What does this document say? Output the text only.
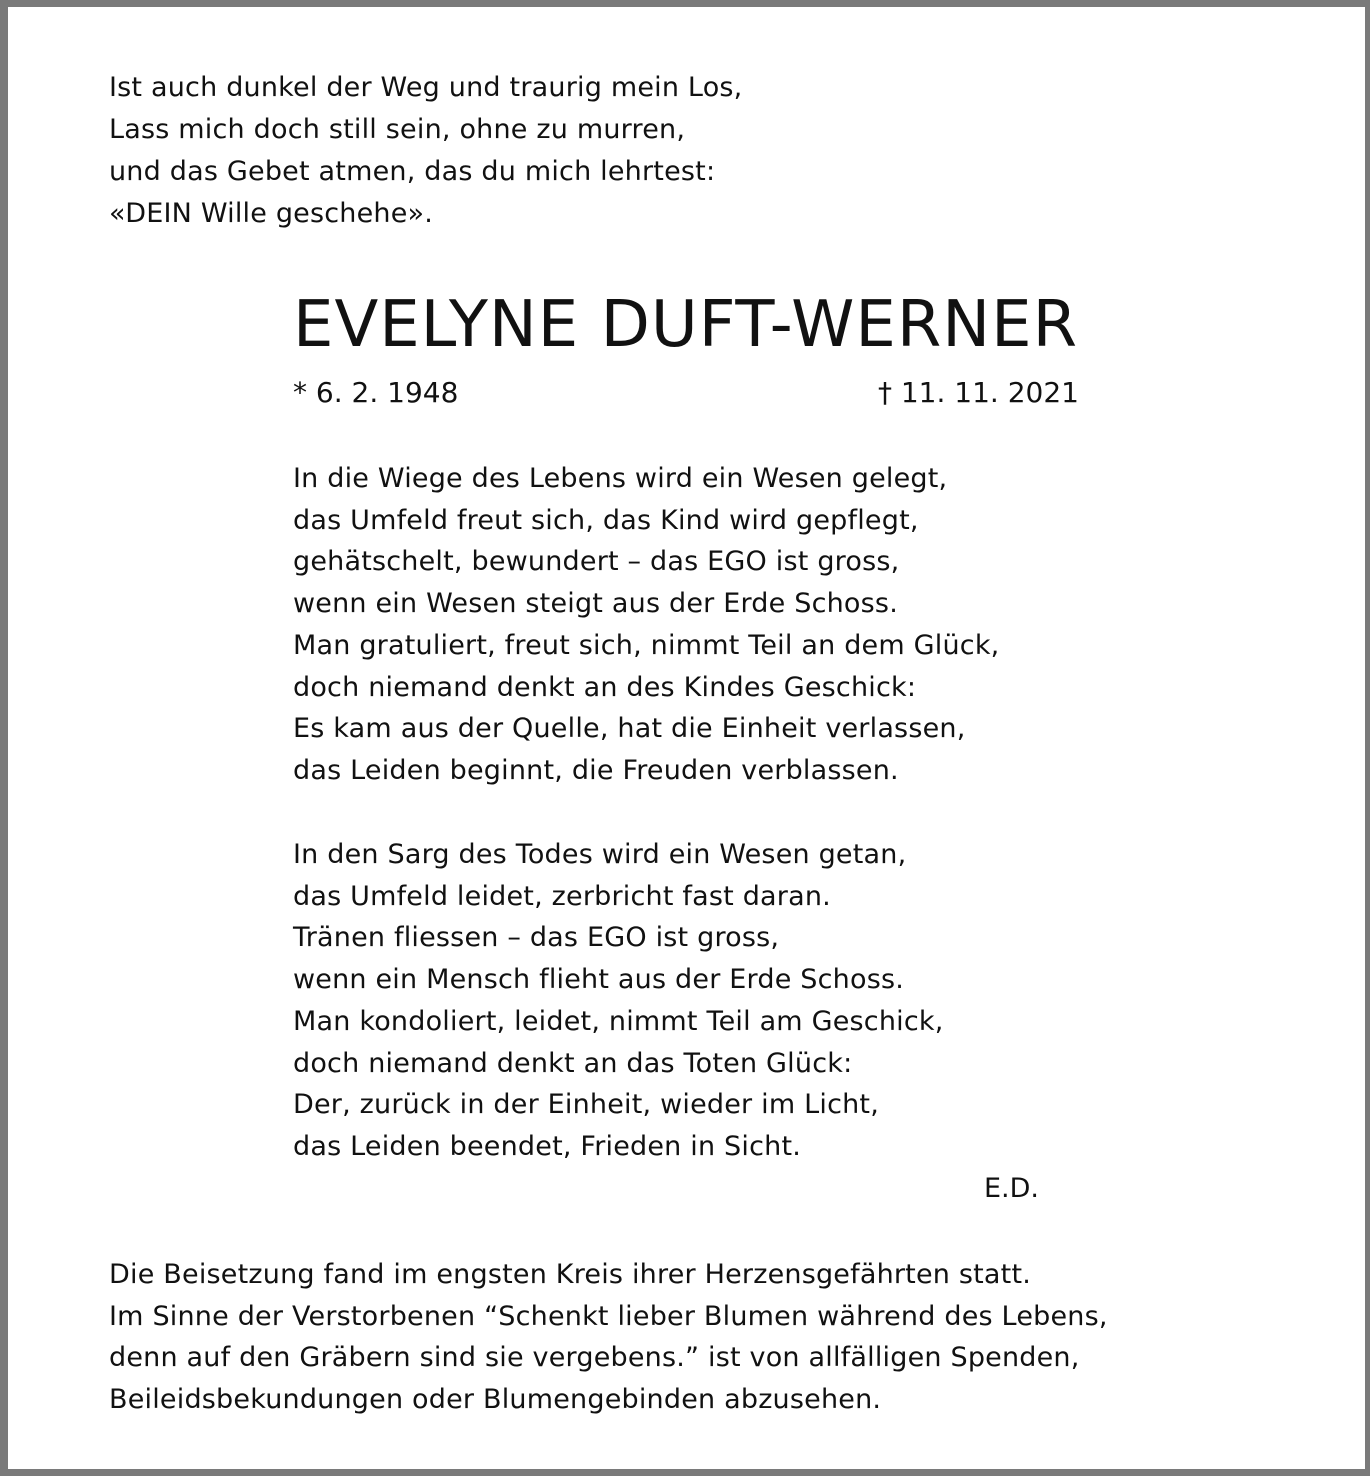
Ist auch dunkel der Weg und traurig mein Los,
Lass mich doch still sein, ohne zu murren,
und das Gebet atmen, das du mich lehrtest:
«DEIN Wille geschehe».
EVELYNE DUFT-WERNER
* 6. 2. 1948	† 11. 11. 2021
In die Wiege des Lebens wird ein Wesen gelegt,
das Umfeld freut sich, das Kind wird gepflegt,
gehätschelt, bewundert – das EGO ist gross,
wenn ein Wesen steigt aus der Erde Schoss.
Man gratuliert, freut sich, nimmt Teil an dem Glück,
doch niemand denkt an des Kindes Geschick:
Es kam aus der Quelle, hat die Einheit verlassen,
das Leiden beginnt, die Freuden verblassen.
In den Sarg des Todes wird ein Wesen getan,
das Umfeld leidet, zerbricht fast daran.
Tränen fliessen – das EGO ist gross,
wenn ein Mensch flieht aus der Erde Schoss.
Man kondoliert, leidet, nimmt Teil am Geschick,
doch niemand denkt an das Toten Glück:
Der, zurück in der Einheit, wieder im Licht,
das Leiden beendet, Frieden in Sicht.
E.D.
Die Beisetzung fand im engsten Kreis ihrer Herzensgefährten statt.
Im Sinne der Verstorbenen “Schenkt lieber Blumen während des Lebens,
denn auf den Gräbern sind sie vergebens.” ist von allfälligen Spenden,
Beileidsbekundungen oder Blumengebinden abzusehen.
